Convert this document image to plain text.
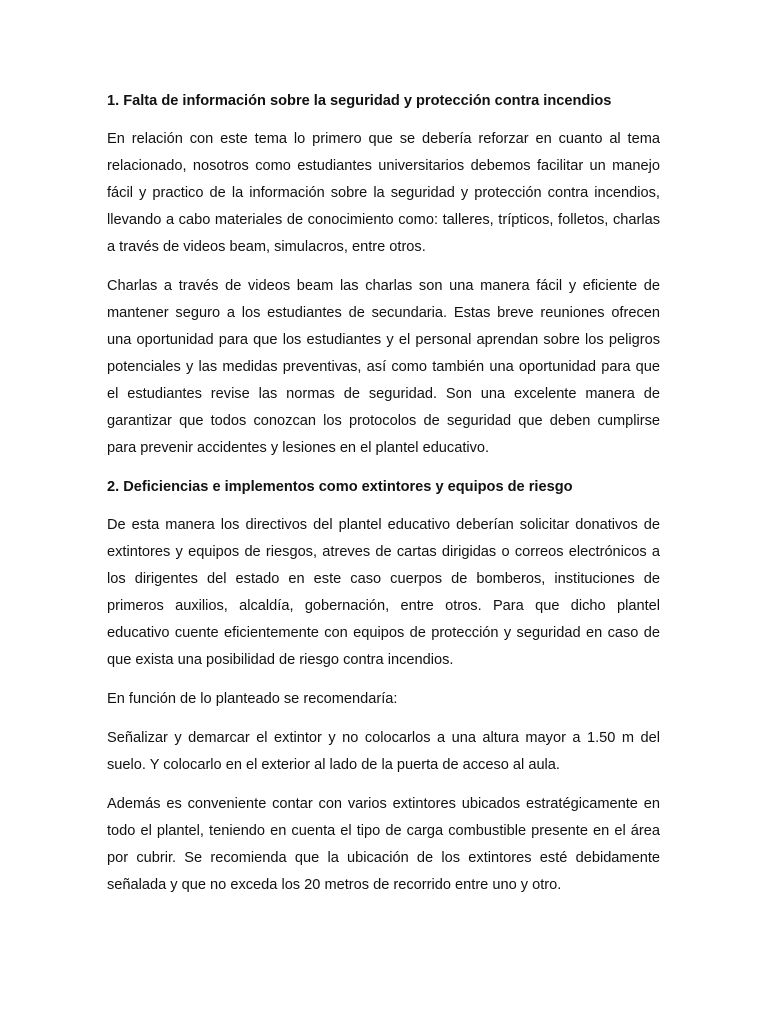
1. Falta de información sobre la seguridad y protección contra incendios

En relación con este tema lo primero que se debería reforzar en cuanto al tema relacionado, nosotros como estudiantes universitarios debemos facilitar un manejo fácil y practico de la información sobre la seguridad y protección contra incendios, llevando a cabo materiales de conocimiento como: talleres, trípticos, folletos, charlas a través de videos beam, simulacros, entre otros.

Charlas a través de videos beam las charlas son una manera fácil y eficiente de mantener seguro a los estudiantes de secundaria. Estas breve reuniones ofrecen una oportunidad para que los estudiantes y el personal aprendan sobre los peligros potenciales y las medidas preventivas, así como también una oportunidad para que el estudiantes revise las normas de seguridad. Son una excelente manera de garantizar que todos conozcan los protocolos de seguridad que deben cumplirse para prevenir accidentes y lesiones en el plantel educativo.

2. Deficiencias e implementos como extintores y equipos de riesgo

De esta manera los directivos del plantel educativo deberían solicitar donativos de extintores y equipos de riesgos, atreves de cartas dirigidas o correos electrónicos a los dirigentes del estado en este caso cuerpos de bomberos, instituciones de primeros auxilios, alcaldía, gobernación, entre otros. Para que dicho plantel educativo cuente eficientemente con equipos de protección y seguridad en caso de que exista una posibilidad de riesgo contra incendios.

En función de lo planteado se recomendaría:

Señalizar y demarcar el extintor y no colocarlos a una altura mayor a 1.50 m del suelo. Y colocarlo en el exterior al lado de la puerta de acceso al aula.

Además es conveniente contar con varios extintores ubicados estratégicamente en todo el plantel, teniendo en cuenta el tipo de carga combustible presente en el área por cubrir. Se recomienda que la ubicación de los extintores esté debidamente señalada y que no exceda los 20 metros de recorrido entre uno y otro.
